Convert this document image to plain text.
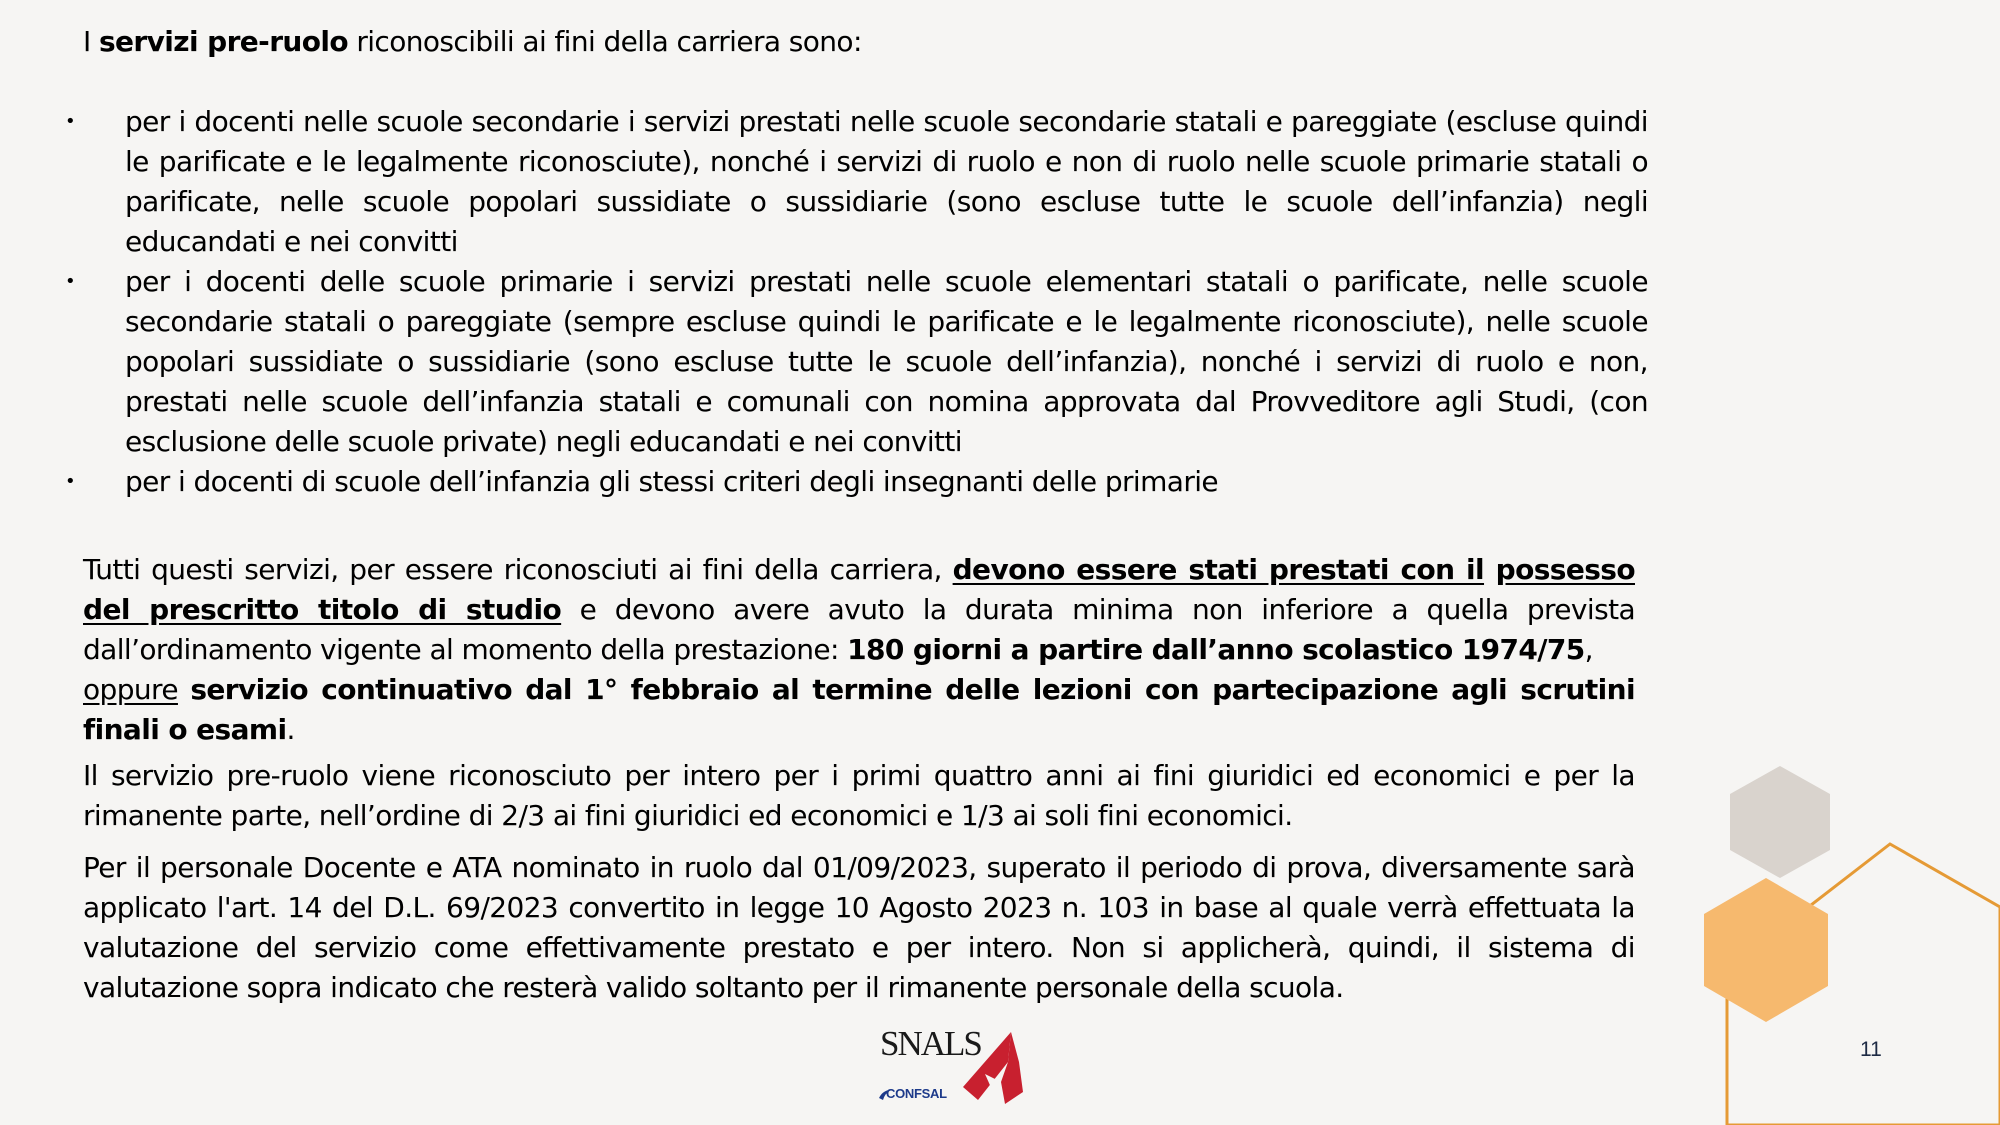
I servizi pre-ruolo riconoscibili ai fini della carriera sono:

• per i docenti nelle scuole secondarie i servizi prestati nelle scuole secondarie statali e pareggiate (escluse quindi le parificate e le legalmente riconosciute), nonché i servizi di ruolo e non di ruolo nelle scuole primarie statali o parificate, nelle scuole popolari sussidiate o sussidiarie (sono escluse tutte le scuole dell’infanzia) negli educandati e nei convitti
• per i docenti delle scuole primarie i servizi prestati nelle scuole elementari statali o parificate, nelle scuole secondarie statali o pareggiate (sempre escluse quindi le parificate e le legalmente riconosciute), nelle scuole popolari sussidiate o sussidiarie (sono escluse tutte le scuole dell’infanzia), nonché i servizi di ruolo e non, prestati nelle scuole dell’infanzia statali e comunali con nomina approvata dal Provveditore agli Studi, (con esclusione delle scuole private) negli educandati e nei convitti
• per i docenti di scuole dell’infanzia gli stessi criteri degli insegnanti delle primarie

Tutti questi servizi, per essere riconosciuti ai fini della carriera, devono essere stati prestati con il possesso del prescritto titolo di studio e devono avere avuto la durata minima non inferiore a quella prevista dall’ordinamento vigente al momento della prestazione: 180 giorni a partire dall’anno scolastico 1974/75,
oppure servizio continuativo dal 1° febbraio al termine delle lezioni con partecipazione agli scrutini finali o esami.

Il servizio pre-ruolo viene riconosciuto per intero per i primi quattro anni ai fini giuridici ed economici e per la rimanente parte, nell’ordine di 2/3 ai fini giuridici ed economici e 1/3 ai soli fini economici.

Per il personale Docente e ATA nominato in ruolo dal 01/09/2023, superato il periodo di prova, diversamente sarà applicato l'art. 14 del D.L. 69/2023 convertito in legge 10 Agosto 2023 n. 103 in base al quale verrà effettuata la valutazione del servizio come effettivamente prestato e per intero. Non si applicherà, quindi, il sistema di valutazione sopra indicato che resterà valido soltanto per il rimanente personale della scuola.

11
SNALS
CONFSAL
